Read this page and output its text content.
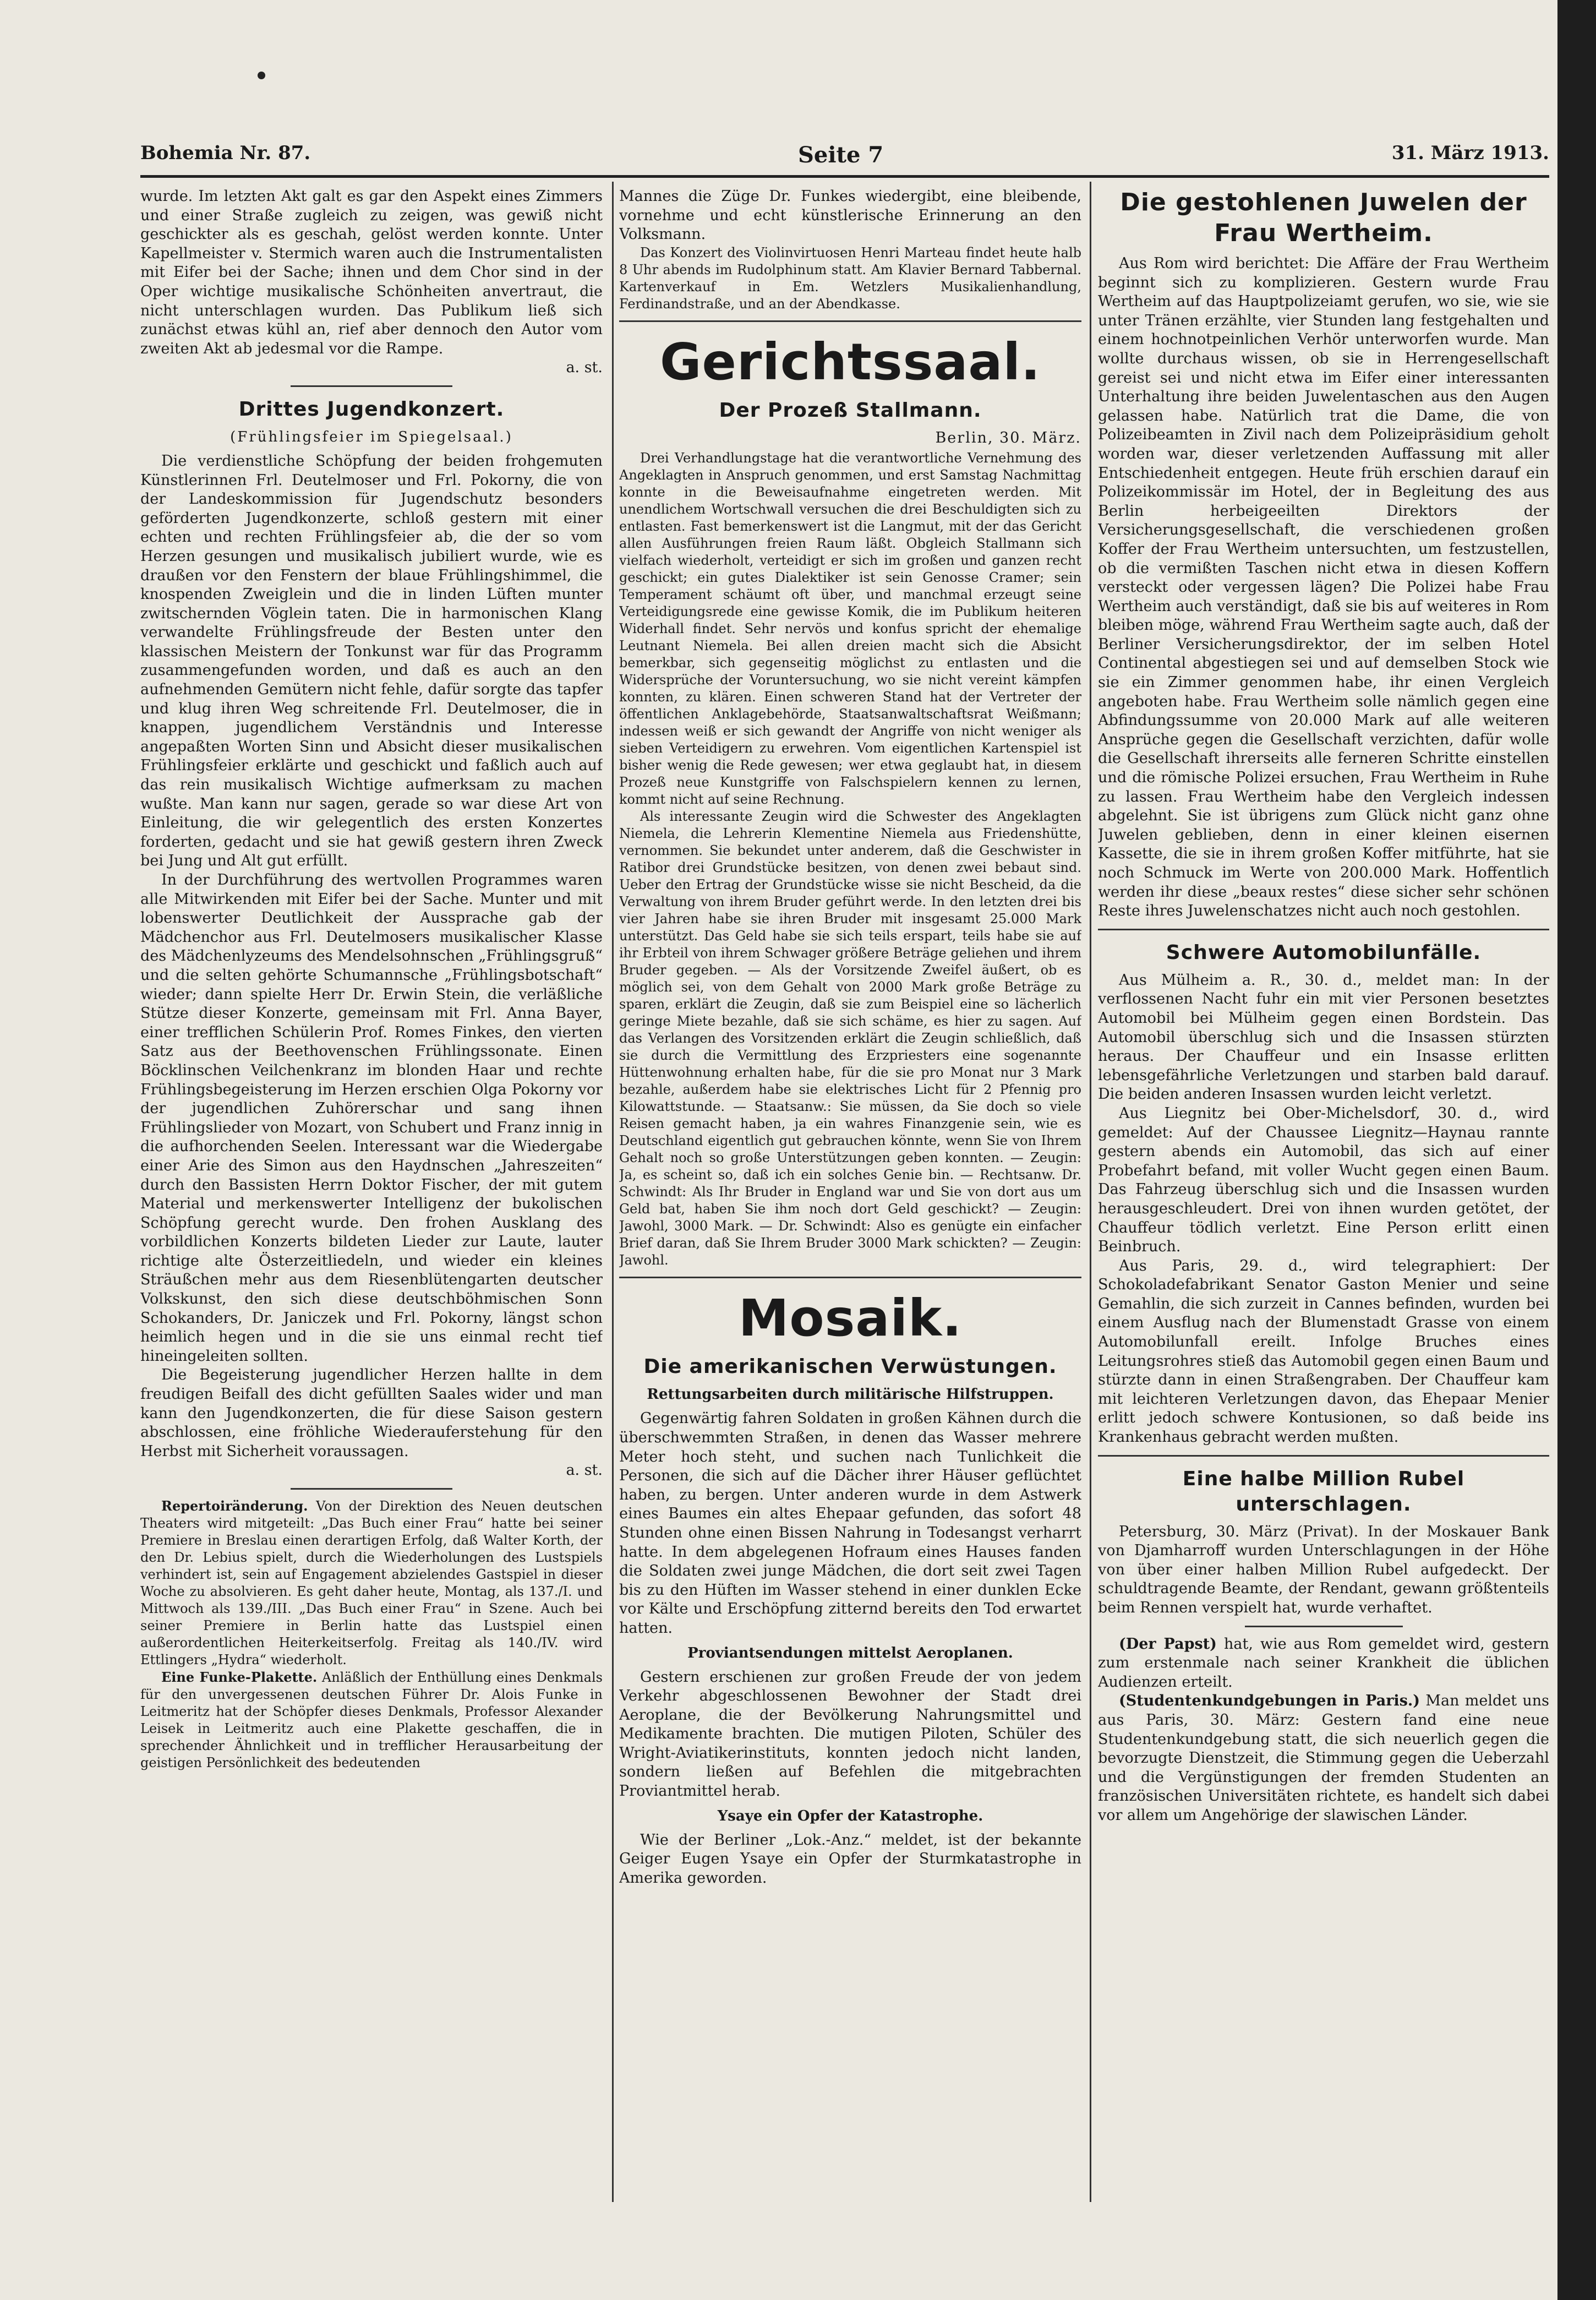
Bohemia Nr. 87.	Seite 7	31. März 1913.

wurde. Im letzten Akt galt es gar den Aspekt eines Zimmers und einer Straße zugleich zu zeigen, was gewiß nicht geschickter als es geschah, gelöst werden konnte. Unter Kapellmeister v. Stermich waren auch die Instrumentalisten mit Eifer bei der Sache; ihnen und dem Chor sind in der Oper wichtige musikalische Schönheiten anvertraut, die nicht unterschlagen wurden. Das Publikum ließ sich zunächst etwas kühl an, rief aber dennoch den Autor vom zweiten Akt ab jedesmal vor die Rampe.

a. st.
Drittes Jugendkonzert.
(Frühlingsfeier im Spiegelsaal.)

Die verdienstliche Schöpfung der beiden frohgemuten Künstlerinnen Frl. Deutelmoser und Frl. Pokorny, die von der Landeskommission für Jugendschutz besonders geförderten Jugendkonzerte, schloß gestern mit einer echten und rechten Frühlingsfeier ab, die der so vom Herzen gesungen und musikalisch jubiliert wurde, wie es draußen vor den Fenstern der blaue Frühlingshimmel, die knospenden Zweiglein und die in linden Lüften munter zwitschernden Vöglein taten. Die in harmonischen Klang verwandelte Frühlingsfreude der Besten unter den klassischen Meistern der Tonkunst war für das Programm zusammengefunden worden, und daß es auch an den aufnehmenden Gemütern nicht fehle, dafür sorgte das tapfer und klug ihren Weg schreitende Frl. Deutelmoser, die in knappen, jugendlichem Verständnis und Interesse angepaßten Worten Sinn und Absicht dieser musikalischen Frühlingsfeier erklärte und geschickt und faßlich auch auf das rein musikalisch Wichtige aufmerksam zu machen wußte. Man kann nur sagen, gerade so war diese Art von Einleitung, die wir gelegentlich des ersten Konzertes forderten, gedacht und sie hat gewiß gestern ihren Zweck bei Jung und Alt gut erfüllt.

In der Durchführung des wertvollen Programmes waren alle Mitwirkenden mit Eifer bei der Sache. Munter und mit lobenswerter Deutlichkeit der Aussprache gab der Mädchenchor aus Frl. Deutelmosers musikalischer Klasse des Mädchenlyzeums des Mendelsohnschen „Frühlingsgruß“ und die selten gehörte Schumannsche „Frühlingsbotschaft“ wieder; dann spielte Herr Dr. Erwin Stein, die verläßliche Stütze dieser Konzerte, gemeinsam mit Frl. Anna Bayer, einer trefflichen Schülerin Prof. Romes Finkes, den vierten Satz aus der Beethovenschen Frühlingssonate. Einen Böcklinschen Veilchenkranz im blonden Haar und rechte Frühlingsbegeisterung im Herzen erschien Olga Pokorny vor der jugendlichen Zuhörerschar und sang ihnen Frühlingslieder von Mozart, von Schubert und Franz innig in die aufhorchenden Seelen. Interessant war die Wiedergabe einer Arie des Simon aus den Haydnschen „Jahreszeiten“ durch den Bassisten Herrn Doktor Fischer, der mit gutem Material und merkenswerter Intelligenz der bukolischen Schöpfung gerecht wurde. Den frohen Ausklang des vorbildlichen Konzerts bildeten Lieder zur Laute, lauter richtige alte Österzeitliedeln, und wieder ein kleines Sträußchen mehr aus dem Riesenblütengarten deutscher Volkskunst, den sich diese deutschböhmischen Sonn Schokanders, Dr. Janiczek und Frl. Pokorny, längst schon heimlich hegen und in die sie uns einmal recht tief hineingeleiten sollten.

Die Begeisterung jugendlicher Herzen hallte in dem freudigen Beifall des dicht gefüllten Saales wider und man kann den Jugendkonzerten, die für diese Saison gestern abschlossen, eine fröhliche Wiederauferstehung für den Herbst mit Sicherheit voraussagen.

a. st.

Repertoiränderung. Von der Direktion des Neuen deutschen Theaters wird mitgeteilt: „Das Buch einer Frau“ hatte bei seiner Premiere in Breslau einen derartigen Erfolg, daß Walter Korth, der den Dr. Lebius spielt, durch die Wiederholungen des Lustspiels verhindert ist, sein auf Engagement abzielendes Gastspiel in dieser Woche zu absolvieren. Es geht daher heute, Montag, als 137./I. und Mittwoch als 139./III. „Das Buch einer Frau“ in Szene. Auch bei seiner Premiere in Berlin hatte das Lustspiel einen außerordentlichen Heiterkeitserfolg. Freitag als 140./IV. wird Ettlingers „Hydra“ wiederholt.

Eine Funke-Plakette. Anläßlich der Enthüllung eines Denkmals für den unvergessenen deutschen Führer Dr. Alois Funke in Leitmeritz hat der Schöpfer dieses Denkmals, Professor Alexander Leisek in Leitmeritz auch eine Plakette geschaffen, die in sprechender Ähnlichkeit und in trefflicher Herausarbeitung der geistigen Persönlichkeit des bedeutenden

Mannes die Züge Dr. Funkes wiedergibt, eine bleibende, vornehme und echt künstlerische Erinnerung an den Volksmann.

Das Konzert des Violinvirtuosen Henri Marteau findet heute halb 8 Uhr abends im Rudolphinum statt. Am Klavier Bernard Tabbernal. Kartenverkauf in Em. Wetzlers Musikalienhandlung, Ferdinandstraße, und an der Abendkasse.

Gerichtssaal.
Der Prozeß Stallmann.
Berlin, 30. März.

Drei Verhandlungstage hat die verantwortliche Vernehmung des Angeklagten in Anspruch genommen, und erst Samstag Nachmittag konnte in die Beweisaufnahme eingetreten werden. Mit unendlichem Wortschwall versuchen die drei Beschuldigten sich zu entlasten. Fast bemerkenswert ist die Langmut, mit der das Gericht allen Ausführungen freien Raum läßt. Obgleich Stallmann sich vielfach wiederholt, verteidigt er sich im großen und ganzen recht geschickt; ein gutes Dialektiker ist sein Genosse Cramer; sein Temperament schäumt oft über, und manchmal erzeugt seine Verteidigungsrede eine gewisse Komik, die im Publikum heiteren Widerhall findet. Sehr nervös und konfus spricht der ehemalige Leutnant Niemela. Bei allen dreien macht sich die Absicht bemerkbar, sich gegenseitig möglichst zu entlasten und die Widersprüche der Voruntersuchung, wo sie nicht vereint kämpfen konnten, zu klären. Einen schweren Stand hat der Vertreter der öffentlichen Anklagebehörde, Staatsanwaltschaftsrat Weißmann; indessen weiß er sich gewandt der Angriffe von nicht weniger als sieben Verteidigern zu erwehren. Vom eigentlichen Kartenspiel ist bisher wenig die Rede gewesen; wer etwa geglaubt hat, in diesem Prozeß neue Kunstgriffe von Falschspielern kennen zu lernen, kommt nicht auf seine Rechnung.

Als interessante Zeugin wird die Schwester des Angeklagten Niemela, die Lehrerin Klementine Niemela aus Friedenshütte, vernommen. Sie bekundet unter anderem, daß die Geschwister in Ratibor drei Grundstücke besitzen, von denen zwei bebaut sind. Ueber den Ertrag der Grundstücke wisse sie nicht Bescheid, da die Verwaltung von ihrem Bruder geführt werde. In den letzten drei bis vier Jahren habe sie ihren Bruder mit insgesamt 25.000 Mark unterstützt. Das Geld habe sie sich teils erspart, teils habe sie auf ihr Erbteil von ihrem Schwager größere Beträge geliehen und ihrem Bruder gegeben. — Als der Vorsitzende Zweifel äußert, ob es möglich sei, von dem Gehalt von 2000 Mark große Beträge zu sparen, erklärt die Zeugin, daß sie zum Beispiel eine so lächerlich geringe Miete bezahle, daß sie sich schäme, es hier zu sagen. Auf das Verlangen des Vorsitzenden erklärt die Zeugin schließlich, daß sie durch die Vermittlung des Erzpriesters eine sogenannte Hüttenwohnung erhalten habe, für die sie pro Monat nur 3 Mark bezahle, außerdem habe sie elektrisches Licht für 2 Pfennig pro Kilowattstunde. — Staatsanw.: Sie müssen, da Sie doch so viele Reisen gemacht haben, ja ein wahres Finanzgenie sein, wie es Deutschland eigentlich gut gebrauchen könnte, wenn Sie von Ihrem Gehalt noch so große Unterstützungen geben konnten. — Zeugin: Ja, es scheint so, daß ich ein solches Genie bin. — Rechtsanw. Dr. Schwindt: Als Ihr Bruder in England war und Sie von dort aus um Geld bat, haben Sie ihm noch dort Geld geschickt? — Zeugin: Jawohl, 3000 Mark. — Dr. Schwindt: Also es genügte ein einfacher Brief daran, daß Sie Ihrem Bruder 3000 Mark schickten? — Zeugin: Jawohl.

Mosaik.
Die amerikanischen Verwüstungen.
Rettungsarbeiten durch militärische Hilfstruppen.

Gegenwärtig fahren Soldaten in großen Kähnen durch die überschwemmten Straßen, in denen das Wasser mehrere Meter hoch steht, und suchen nach Tunlichkeit die Personen, die sich auf die Dächer ihrer Häuser geflüchtet haben, zu bergen. Unter anderen wurde in dem Astwerk eines Baumes ein altes Ehepaar gefunden, das sofort 48 Stunden ohne einen Bissen Nahrung in Todesangst verharrt hatte. In dem abgelegenen Hofraum eines Hauses fanden die Soldaten zwei junge Mädchen, die dort seit zwei Tagen bis zu den Hüften im Wasser stehend in einer dunklen Ecke vor Kälte und Erschöpfung zitternd bereits den Tod erwartet hatten.

Proviantsendungen mittelst Aeroplanen.

Gestern erschienen zur großen Freude der von jedem Verkehr abgeschlossenen Bewohner der Stadt drei Aeroplane, die der Bevölkerung Nahrungsmittel und Medikamente brachten. Die mutigen Piloten, Schüler des Wright-Aviatikerinstituts, konnten jedoch nicht landen, sondern ließen auf Befehlen die mitgebrachten Proviantmittel herab.

Ysaye ein Opfer der Katastrophe.

Wie der Berliner „Lok.-Anz.“ meldet, ist der bekannte Geiger Eugen Ysaye ein Opfer der Sturmkatastrophe in Amerika geworden.

Die gestohlenen Juwelen der Frau Wertheim.

Aus Rom wird berichtet: Die Affäre der Frau Wertheim beginnt sich zu komplizieren. Gestern wurde Frau Wertheim auf das Hauptpolizeiamt gerufen, wo sie, wie sie unter Tränen erzählte, vier Stunden lang festgehalten und einem hochnotpeinlichen Verhör unterworfen wurde. Man wollte durchaus wissen, ob sie in Herrengesellschaft gereist sei und nicht etwa im Eifer einer interessanten Unterhaltung ihre beiden Juwelentaschen aus den Augen gelassen habe. Natürlich trat die Dame, die von Polizeibeamten in Zivil nach dem Polizeipräsidium geholt worden war, dieser verletzenden Auffassung mit aller Entschiedenheit entgegen. Heute früh erschien darauf ein Polizeikommissär im Hotel, der in Begleitung des aus Berlin herbeigeeilten Direktors der Versicherungsgesellschaft, die verschiedenen großen Koffer der Frau Wertheim untersuchten, um festzustellen, ob die vermißten Taschen nicht etwa in diesen Koffern versteckt oder vergessen lägen? Die Polizei habe Frau Wertheim auch verständigt, daß sie bis auf weiteres in Rom bleiben möge, während Frau Wertheim sagte auch, daß der Berliner Versicherungsdirektor, der im selben Hotel Continental abgestiegen sei und auf demselben Stock wie sie ein Zimmer genommen habe, ihr einen Vergleich angeboten habe. Frau Wertheim solle nämlich gegen eine Abfindungssumme von 20.000 Mark auf alle weiteren Ansprüche gegen die Gesellschaft verzichten, dafür wolle die Gesellschaft ihrerseits alle ferneren Schritte einstellen und die römische Polizei ersuchen, Frau Wertheim in Ruhe zu lassen. Frau Wertheim habe den Vergleich indessen abgelehnt. Sie ist übrigens zum Glück nicht ganz ohne Juwelen geblieben, denn in einer kleinen eisernen Kassette, die sie in ihrem großen Koffer mitführte, hat sie noch Schmuck im Werte von 200.000 Mark. Hoffentlich werden ihr diese „beaux restes“ diese sicher sehr schönen Reste ihres Juwelenschatzes nicht auch noch gestohlen.

Schwere Automobilunfälle.

Aus Mülheim a. R., 30. d., meldet man: In der verflossenen Nacht fuhr ein mit vier Personen besetztes Automobil bei Mülheim gegen einen Bordstein. Das Automobil überschlug sich und die Insassen stürzten heraus. Der Chauffeur und ein Insasse erlitten lebensgefährliche Verletzungen und starben bald darauf. Die beiden anderen Insassen wurden leicht verletzt.

Aus Liegnitz bei Ober-Michelsdorf, 30. d., wird gemeldet: Auf der Chaussee Liegnitz—Haynau rannte gestern abends ein Automobil, das sich auf einer Probefahrt befand, mit voller Wucht gegen einen Baum. Das Fahrzeug überschlug sich und die Insassen wurden herausgeschleudert. Drei von ihnen wurden getötet, der Chauffeur tödlich verletzt. Eine Person erlitt einen Beinbruch.

Aus Paris, 29. d., wird telegraphiert: Der Schokoladefabrikant Senator Gaston Menier und seine Gemahlin, die sich zurzeit in Cannes befinden, wurden bei einem Ausflug nach der Blumenstadt Grasse von einem Automobilunfall ereilt. Infolge Bruches eines Leitungsrohres stieß das Automobil gegen einen Baum und stürzte dann in einen Straßengraben. Der Chauffeur kam mit leichteren Verletzungen davon, das Ehepaar Menier erlitt jedoch schwere Kontusionen, so daß beide ins Krankenhaus gebracht werden mußten.

Eine halbe Million Rubel unterschlagen.

Petersburg, 30. März (Privat). In der Moskauer Bank von Djamharroff wurden Unterschlagungen in der Höhe von über einer halben Million Rubel aufgedeckt. Der schuldtragende Beamte, der Rendant, gewann größtenteils beim Rennen verspielt hat, wurde verhaftet.

(Der Papst) hat, wie aus Rom gemeldet wird, gestern zum erstenmale nach seiner Krankheit die üblichen Audienzen erteilt.

(Studentenkundgebungen in Paris.) Man meldet uns aus Paris, 30. März: Gestern fand eine neue Studentenkundgebung statt, die sich neuerlich gegen die bevorzugte Dienstzeit, die Stimmung gegen die Ueberzahl und die Vergünstigungen der fremden Studenten an französischen Universitäten richtete, es handelt sich dabei vor allem um Angehörige der slawischen Länder.
